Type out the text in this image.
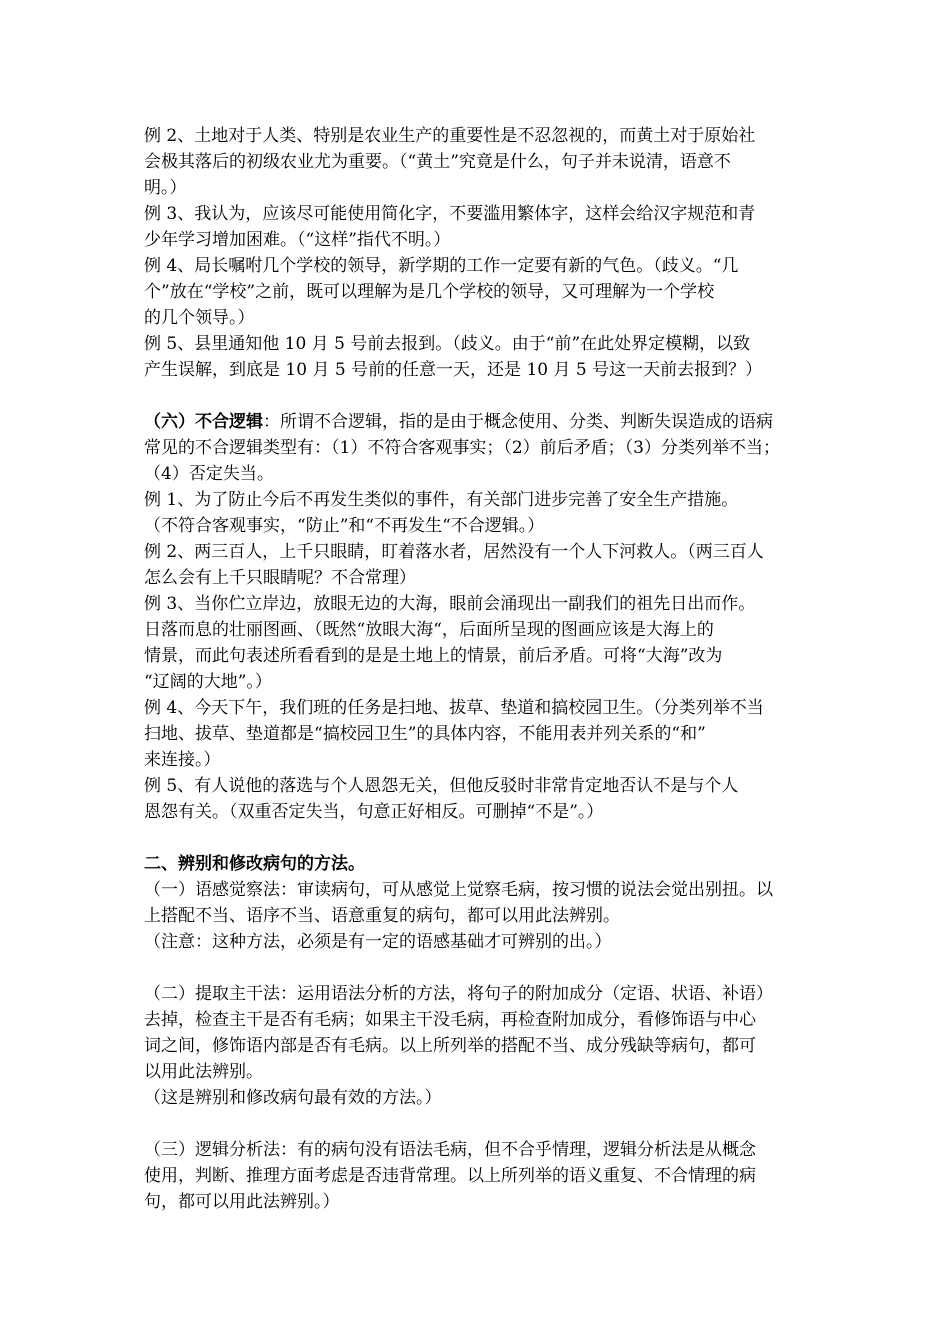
例 2、土地对于人类、特别是农业生产的重要性是不忍忽视的，而黄土对于原始社
会极其落后的初级农业尤为重要。（“黄土”究竟是什么，句子并未说清，语意不
明。）
例 3、我认为，应该尽可能使用简化字，不要滥用繁体字，这样会给汉字规范和青
少年学习增加困难。（“这样”指代不明。）
例 4、局长嘱咐几个学校的领导，新学期的工作一定要有新的气色。（歧义。“几
个”放在“学校”之前，既可以理解为是几个学校的领导，又可理解为一个学校
的几个领导。）
例 5、县里通知他 10 月 5 号前去报到。（歧义。由于“前”在此处界定模糊，以致
产生误解，到底是 10 月 5 号前的任意一天，还是 10 月 5 号这一天前去报到？）
（六）不合逻辑：所谓不合逻辑，指的是由于概念使用、分类、判断失误造成的语病
常见的不合逻辑类型有：（1）不符合客观事实；（2）前后矛盾；（3）分类列举不当；
（4）否定失当。
例 1、为了防止今后不再发生类似的事件，有关部门进步完善了安全生产措施。
（不符合客观事实，“防止”和“不再发生“不合逻辑。）
例 2、两三百人，上千只眼睛，盯着落水者，居然没有一个人下河救人。（两三百人
怎么会有上千只眼睛呢？不合常理）
例 3、当你伫立岸边，放眼无边的大海，眼前会涌现出一副我们的祖先日出而作。
日落而息的壮丽图画、（既然“放眼大海“，后面所呈现的图画应该是大海上的
情景，而此句表述所看看到的是是土地上的情景，前后矛盾。可将“大海”改为
“辽阔的大地”。）
例 4、今天下午，我们班的任务是扫地、拔草、垫道和搞校园卫生。（分类列举不当
扫地、拔草、垫道都是“搞校园卫生”的具体内容，不能用表并列关系的“和”
来连接。）
例 5、有人说他的落选与个人恩怨无关，但他反驳时非常肯定地否认不是与个人
恩怨有关。（双重否定失当，句意正好相反。可删掉“不是”。）
二、辨别和修改病句的方法。
（一）语感觉察法：审读病句，可从感觉上觉察毛病，按习惯的说法会觉出别扭。以
上搭配不当、语序不当、语意重复的病句，都可以用此法辨别。
（注意：这种方法，必须是有一定的语感基础才可辨别的出。）
（二）提取主干法：运用语法分析的方法，将句子的附加成分（定语、状语、补语）
去掉，检查主干是否有毛病；如果主干没毛病，再检查附加成分，看修饰语与中心
词之间，修饰语内部是否有毛病。以上所列举的搭配不当、成分残缺等病句，都可
以用此法辨别。
（这是辨别和修改病句最有效的方法。）
（三）逻辑分析法：有的病句没有语法毛病，但不合乎情理，逻辑分析法是从概念
使用，判断、推理方面考虑是否违背常理。以上所列举的语义重复、不合情理的病
句，都可以用此法辨别。）
